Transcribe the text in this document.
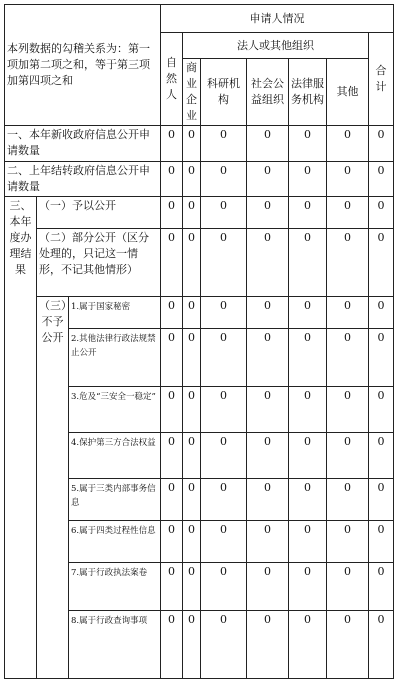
本列数据的勾稽关系为：第一项加第二项之和，等于第三项加第四项之和			申请人情况						
			自然人	法人或其他组织					合计
				商业企业	科研机构	社会公益组织	法律服务机构	其他	
一、本年新收政府信息公开申请数量			0	0	0	0	0	0	0
二、上年结转政府信息公开申请数量			0	0	0	0	0	0	0
三、本年度办理结果	（一）予以公开		0	0	0	0	0	0	0
	（二）部分公开（区分处理的，只记这一情形，不记其他情形）		0	0	0	0	0	0	0
	（三）不予公开	1.属于国家秘密	0	0	0	0	0	0	0
		2.其他法律行政法规禁止公开	0	0	0	0	0	0	0
		3.危及“三安全一稳定”	0	0	0	0	0	0	0
		4.保护第三方合法权益	0	0	0	0	0	0	0
		5.属于三类内部事务信息	0	0	0	0	0	0	0
		6.属于四类过程性信息	0	0	0	0	0	0	0
		7.属于行政执法案卷	0	0	0	0	0	0	0
		8.属于行政查询事项	0	0	0	0	0	0	0
